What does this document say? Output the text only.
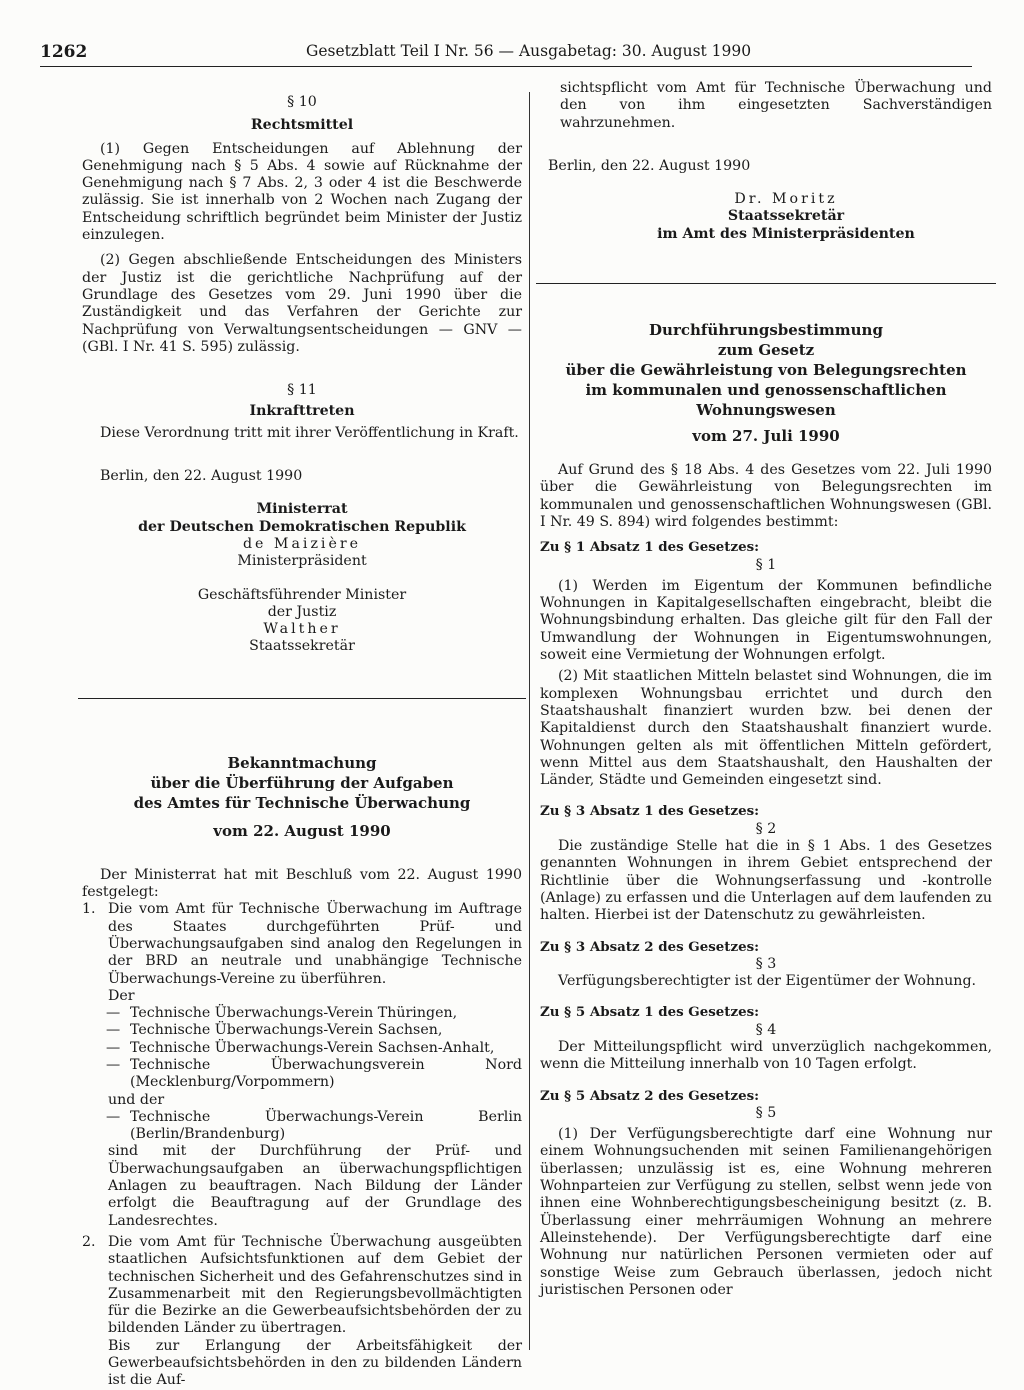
1262	Gesetzblatt Teil I Nr. 56 — Ausgabetag: 30. August 1990
§ 10
Rechtsmittel

(1) Gegen Entscheidungen auf Ablehnung der Genehmigung nach § 5 Abs. 4 sowie auf Rücknahme der Genehmigung nach § 7 Abs. 2, 3 oder 4 ist die Beschwerde zulässig. Sie ist innerhalb von 2 Wochen nach Zugang der Entscheidung schriftlich begründet beim Minister der Justiz einzulegen.

(2) Gegen abschließende Entscheidungen des Ministers der Justiz ist die gerichtliche Nachprüfung auf der Grundlage des Gesetzes vom 29. Juni 1990 über die Zuständigkeit und das Verfahren der Gerichte zur Nachprüfung von Verwaltungsentscheidungen — GNV — (GBl. I Nr. 41 S. 595) zulässig.

§ 11
Inkrafttreten

Diese Verordnung tritt mit ihrer Veröffentlichung in Kraft.

Berlin, den 22. August 1990

Ministerrat
der Deutschen Demokratischen Republik
de Maizière
Ministerpräsident
Geschäftsführender Minister
der Justiz
Walther
Staatssekretär
Bekanntmachung
über die Überführung der Aufgaben
des Amtes für Technische Überwachung
vom 22. August 1990

Der Ministerrat hat mit Beschluß vom 22. August 1990 festgelegt:

1. Die vom Amt für Technische Überwachung im Auftrage des Staates durchgeführten Prüf- und Überwachungsaufgaben sind analog den Regelungen in der BRD an neutrale und unabhängige Technische Überwachungs-Vereine zu überführen.
Der
— Technische Überwachungs-Verein Thüringen,
— Technische Überwachungs-Verein Sachsen,
— Technische Überwachungs-Verein Sachsen-Anhalt,
— Technische Überwachungsverein Nord (Mecklenburg/Vorpommern)
und der
— Technische Überwachungs-Verein Berlin (Berlin/Brandenburg)

sind mit der Durchführung der Prüf- und Überwachungsaufgaben an überwachungspflichtigen Anlagen zu beauftragen. Nach Bildung der Länder erfolgt die Beauftragung auf der Grundlage des Landesrechtes.

2. Die vom Amt für Technische Überwachung ausgeübten staatlichen Aufsichtsfunktionen auf dem Gebiet der technischen Sicherheit und des Gefahrenschutzes sind in Zusammenarbeit mit den Regierungsbevollmächtigten für die Bezirke an die Gewerbeaufsichtsbehörden der zu bildenden Länder zu übertragen.

Bis zur Erlangung der Arbeitsfähigkeit der Gewerbeaufsichtsbehörden in den zu bildenden Ländern ist die Auf-

sichtspflicht vom Amt für Technische Überwachung und den von ihm eingesetzten Sachverständigen wahrzunehmen.

Berlin, den 22. August 1990

Dr. Moritz
Staatssekretär
im Amt des Ministerpräsidenten
Durchführungsbestimmung
zum Gesetz
über die Gewährleistung von Belegungsrechten
im kommunalen und genossenschaftlichen
Wohnungswesen
vom 27. Juli 1990

Auf Grund des § 18 Abs. 4 des Gesetzes vom 22. Juli 1990 über die Gewährleistung von Belegungsrechten im kommunalen und genossenschaftlichen Wohnungswesen (GBl. I Nr. 49 S. 894) wird folgendes bestimmt:

Zu § 1 Absatz 1 des Gesetzes:
§ 1

(1) Werden im Eigentum der Kommunen befindliche Wohnungen in Kapitalgesellschaften eingebracht, bleibt die Wohnungsbindung erhalten. Das gleiche gilt für den Fall der Umwandlung der Wohnungen in Eigentumswohnungen, soweit eine Vermietung der Wohnungen erfolgt.

(2) Mit staatlichen Mitteln belastet sind Wohnungen, die im komplexen Wohnungsbau errichtet und durch den Staatshaushalt finanziert wurden bzw. bei denen der Kapitaldienst durch den Staatshaushalt finanziert wurde. Wohnungen gelten als mit öffentlichen Mitteln gefördert, wenn Mittel aus dem Staatshaushalt, den Haushalten der Länder, Städte und Gemeinden eingesetzt sind.

Zu § 3 Absatz 1 des Gesetzes:
§ 2

Die zuständige Stelle hat die in § 1 Abs. 1 des Gesetzes genannten Wohnungen in ihrem Gebiet entsprechend der Richtlinie über die Wohnungserfassung und -kontrolle (Anlage) zu erfassen und die Unterlagen auf dem laufenden zu halten. Hierbei ist der Datenschutz zu gewährleisten.

Zu § 3 Absatz 2 des Gesetzes:
§ 3

Verfügungsberechtigter ist der Eigentümer der Wohnung.

Zu § 5 Absatz 1 des Gesetzes:
§ 4

Der Mitteilungspflicht wird unverzüglich nachgekommen, wenn die Mitteilung innerhalb von 10 Tagen erfolgt.

Zu § 5 Absatz 2 des Gesetzes:
§ 5

(1) Der Verfügungsberechtigte darf eine Wohnung nur einem Wohnungsuchenden mit seinen Familienangehörigen überlassen; unzulässig ist es, eine Wohnung mehreren Wohnparteien zur Verfügung zu stellen, selbst wenn jede von ihnen eine Wohnberechtigungsbescheinigung besitzt (z. B. Überlassung einer mehrräumigen Wohnung an mehrere Alleinstehende). Der Verfügungsberechtigte darf eine Wohnung nur natürlichen Personen vermieten oder auf sonstige Weise zum Gebrauch überlassen, jedoch nicht juristischen Personen oder
